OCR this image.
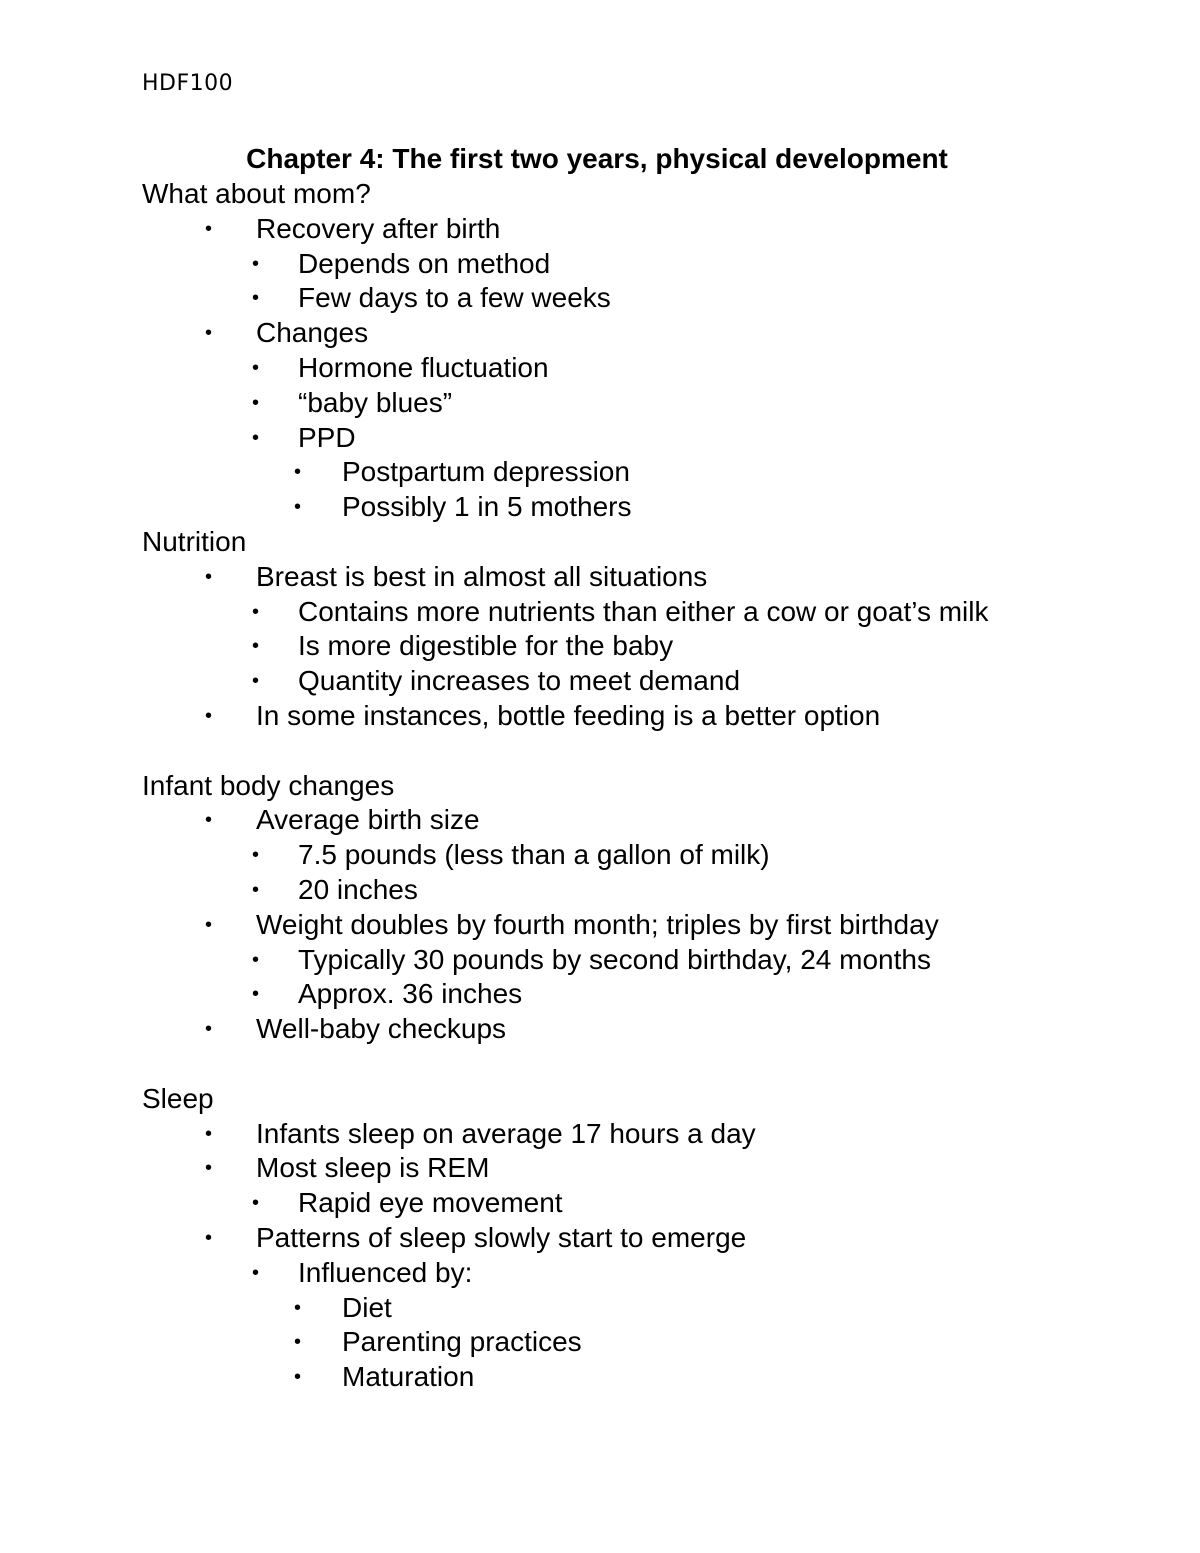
HDF100
Chapter 4: The first two years, physical development
What about mom?
• Recovery after birth
• Depends on method
• Few days to a few weeks
• Changes
• Hormone fluctuation
• “baby blues”
• PPD
• Postpartum depression
• Possibly 1 in 5 mothers
Nutrition
• Breast is best in almost all situations
• Contains more nutrients than either a cow or goat’s milk
• Is more digestible for the baby
• Quantity increases to meet demand
• In some instances, bottle feeding is a better option
Infant body changes
• Average birth size
• 7.5 pounds (less than a gallon of milk)
• 20 inches
• Weight doubles by fourth month; triples by first birthday
• Typically 30 pounds by second birthday, 24 months
• Approx. 36 inches
• Well-baby checkups
Sleep
• Infants sleep on average 17 hours a day
• Most sleep is REM
• Rapid eye movement
• Patterns of sleep slowly start to emerge
• Influenced by:
• Diet
• Parenting practices
• Maturation
